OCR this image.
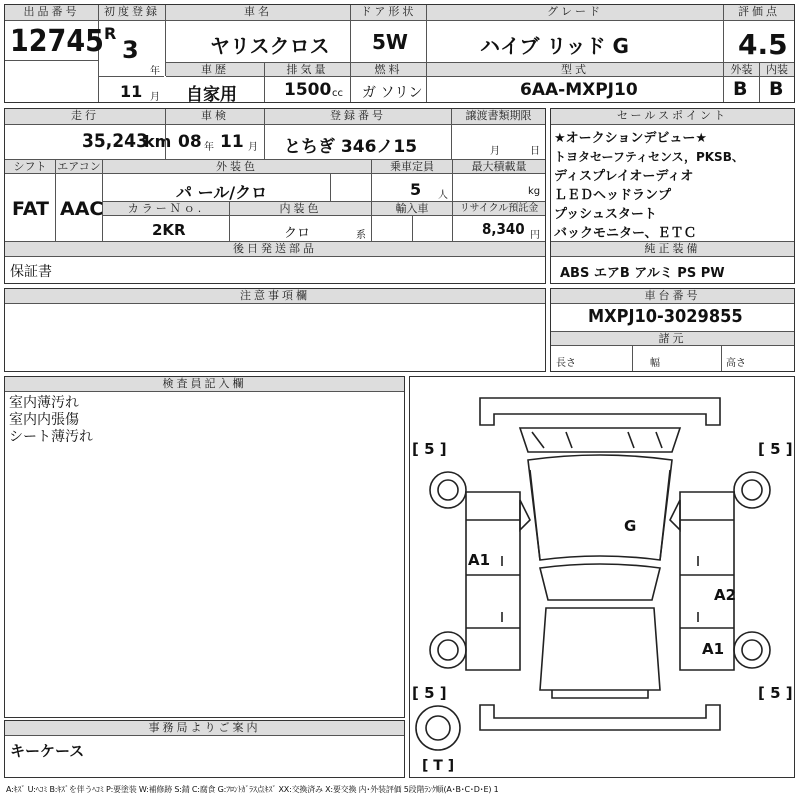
出品番号
12745
初度登録
R
3
年
11 月
車名
ヤリスクロス
ドア形状
5W
グレード
ハイブ リッド G
評価点
4.5
車歴
自家用
排気量
1500 cc
燃料
ガ ソリン
型式
6AA-MXPJ10
外装	内装
B B
走行
35,243
km
車検
08 年 11 月
登録番号
とちぎ 346ノ15
譲渡書類期限
月	日
シフト エアコン
FAT AAC
外装色
パ ール/クロ
乗車定員
5 人
最大積載量
kg
カラーＮｏ.
2KR
内装色
クロ	系
輸入車	リサイクル預託金
8,340 円
後日発送部品
保証書
セールスポイント
★オークションデビュー★
トヨタセーフティセンス，PKSB、
ディスプレイオーディオ
ＬＥＤヘッドランプ
プッシュスタート
バックモニター、ＥＴＣ
純正装備
ABS エアB アルミ PS PW
注意事項欄	車台番号
MXPJ10-3029855
諸元
長さ	幅	高さ
検査員記入欄
室内薄汚れ
室内内張傷
シート薄汚れ
事務局よりご案内
キーケース
[ 5 ]	[ 5 ]
[ 5 ]	[ 5 ]
[ T ]
G
A1
A2
A1
A:ｷｽﾞ U:ﾍｺﾐ B:ｷｽﾞを伴うﾍｺﾐ P:要塗装 W:補修跡 S:錆 C:腐食 G:ﾌﾛﾝﾄｶﾞﾗｽ点ｷｽﾞ XX:交換済み X:要交換 内･外装評価 5段階ﾗﾝｸ順(A･B･C･D･E) 1
